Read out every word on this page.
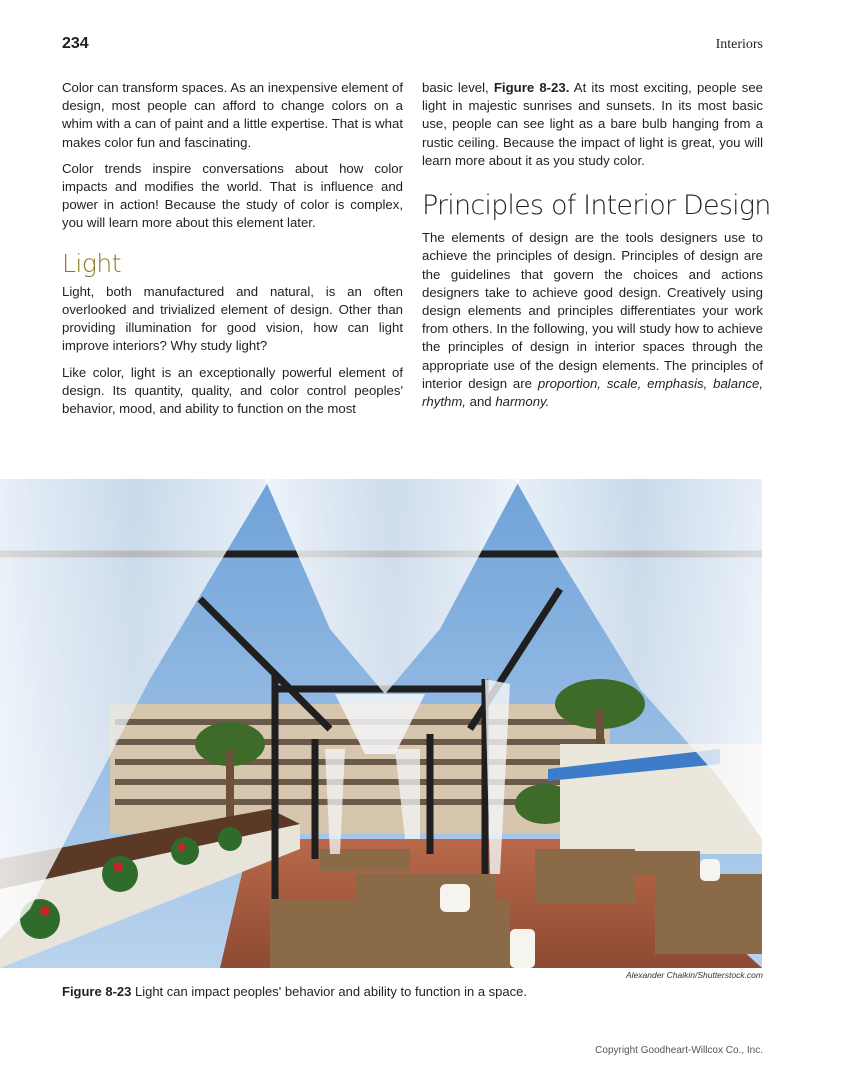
234	Interiors

Color can transform spaces. As an inexpensive element of design, most people can afford to change colors on a whim with a can of paint and a little expertise. That is what makes color fun and fascinating.

Color trends inspire conversations about how color impacts and modifies the world. That is influence and power in action! Because the study of color is complex, you will learn more about this element later.

Light

Light, both manufactured and natural, is an often overlooked and trivialized element of design. Other than providing illumination for good vision, how can light improve interiors? Why study light?

Like color, light is an exceptionally powerful element of design. Its quantity, quality, and color control peoples' behavior, mood, and ability to function on the most

basic level, Figure 8-23. At its most exciting, people see light in majestic sunrises and sunsets. In its most basic use, people can see light as a bare bulb hanging from a rustic ceiling. Because the impact of light is great, you will learn more about it as you study color.

Principles of Interior Design

The elements of design are the tools designers use to achieve the principles of design. Principles of design are the guidelines that govern the choices and actions designers take to achieve good design. Creatively using design elements and principles differentiates your work from others. In the following, you will study how to achieve the principles of design in interior spaces through the appropriate use of the design elements. The principles of interior design are proportion, scale, emphasis, balance, rhythm, and harmony.

Alexander Chaikin/Shutterstock.com
Figure 8-23 Light can impact peoples' behavior and ability to function in a space.
Copyright Goodheart-Willcox Co., Inc.
